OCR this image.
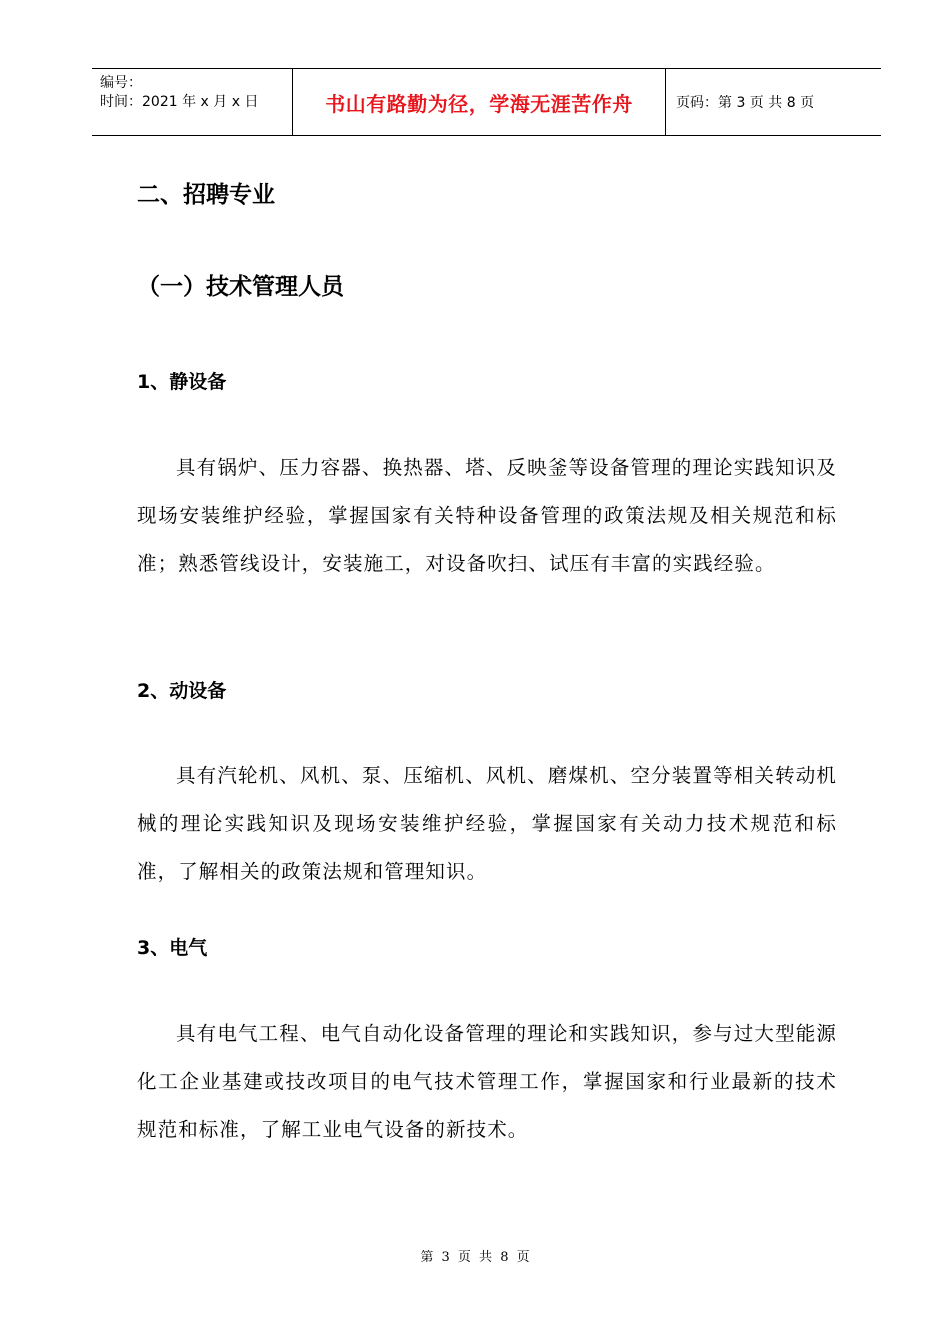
编号：
时间：2021 年 x 月 x 日	书山有路勤为径，学海无涯苦作舟	页码：第 3 页 共 8 页
二、招聘专业
（一）技术管理人员
1、静设备

具有锅炉、压力容器、换热器、塔、反映釜等设备管理的理论实践知识及现场安装维护经验，掌握国家有关特种设备管理的政策法规及相关规范和标准；熟悉管线设计，安装施工，对设备吹扫、试压有丰富的实践经验。

2、动设备

具有汽轮机、风机、泵、压缩机、风机、磨煤机、空分装置等相关转动机械的理论实践知识及现场安装维护经验，掌握国家有关动力技术规范和标准，了解相关的政策法规和管理知识。

3、电气

具有电气工程、电气自动化设备管理的理论和实践知识，参与过大型能源化工企业基建或技改项目的电气技术管理工作，掌握国家和行业最新的技术规范和标准，了解工业电气设备的新技术。

第 3 页 共 8 页
